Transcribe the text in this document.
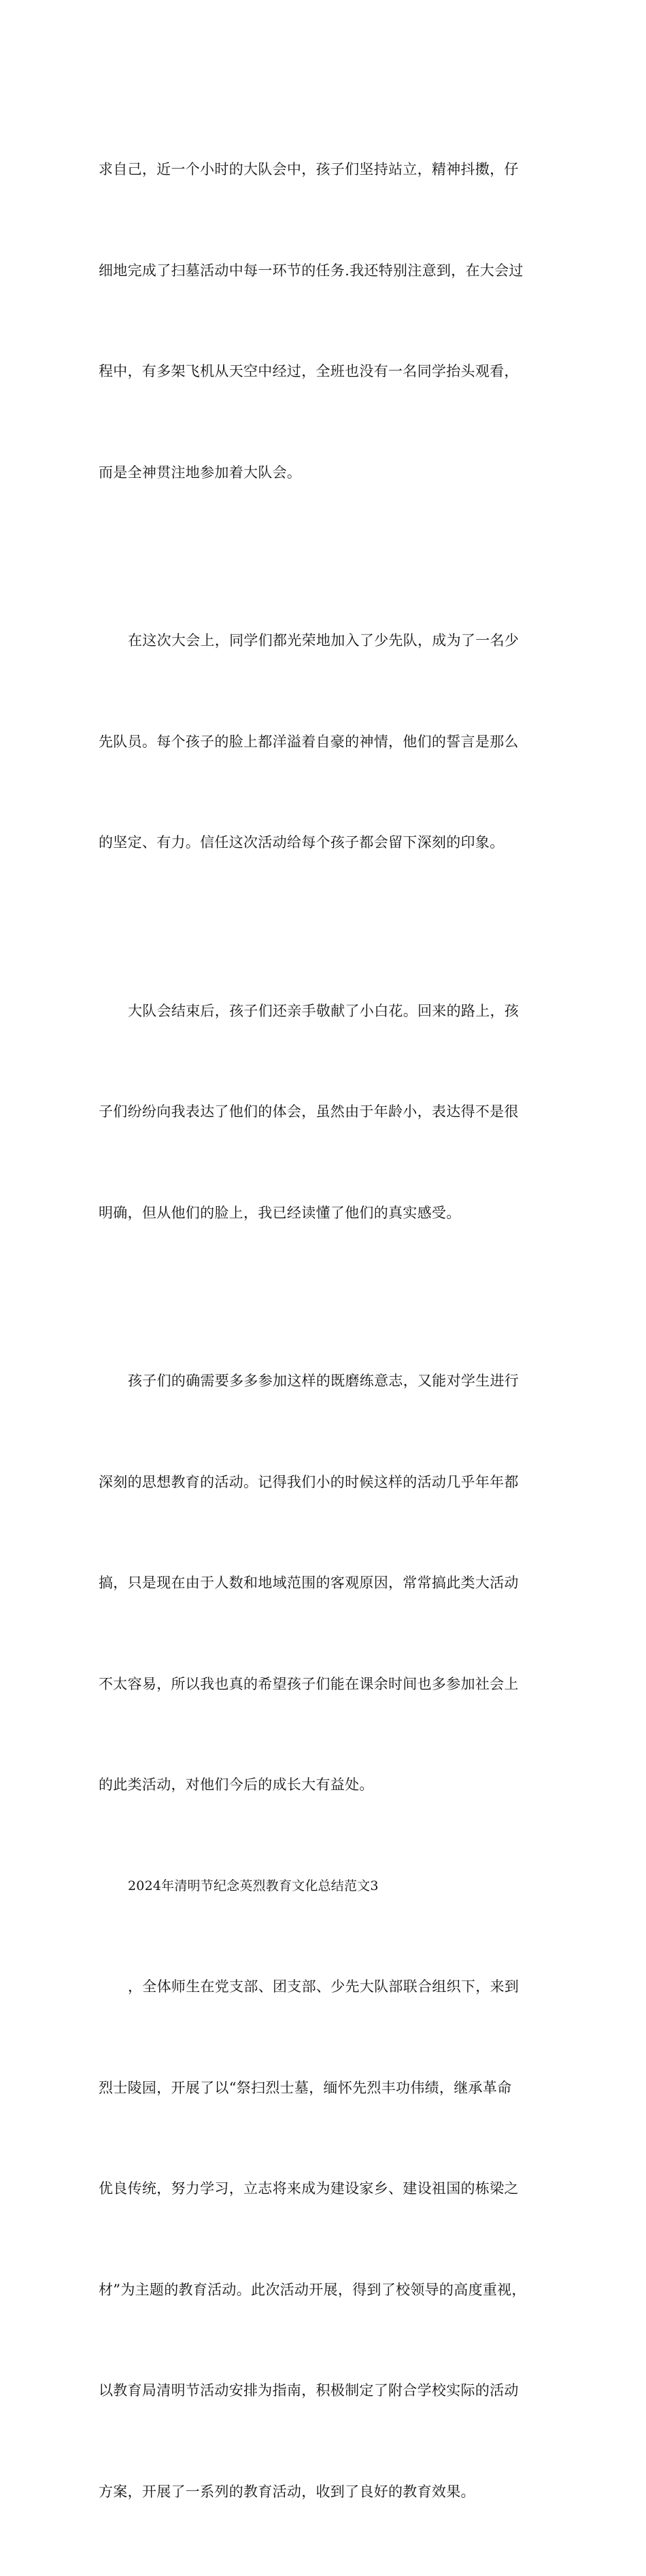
求自己，近一个小时的大队会中，孩子们坚持站立，精神抖擞，仔

细地完成了扫墓活动中每一环节的任务.我还特别注意到，在大会过

程中，有多架飞机从天空中经过，全班也没有一名同学抬头观看，

而是全神贯注地参加着大队会。

在这次大会上，同学们都光荣地加入了少先队，成为了一名少

先队员。每个孩子的脸上都洋溢着自豪的神情，他们的誓言是那么

的坚定、有力。信任这次活动给每个孩子都会留下深刻的印象。

大队会结束后，孩子们还亲手敬献了小白花。回来的路上，孩

子们纷纷向我表达了他们的体会，虽然由于年龄小，表达得不是很

明确，但从他们的脸上，我已经读懂了他们的真实感受。

孩子们的确需要多多参加这样的既磨练意志，又能对学生进行

深刻的思想教育的活动。记得我们小的时候这样的活动几乎年年都

搞，只是现在由于人数和地域范围的客观原因，常常搞此类大活动

不太容易，所以我也真的希望孩子们能在课余时间也多参加社会上

的此类活动，对他们今后的成长大有益处。

2024年清明节纪念英烈教育文化总结范文3

，全体师生在党支部、团支部、少先大队部联合组织下，来到

烈士陵园，开展了以“祭扫烈士墓，缅怀先烈丰功伟绩，继承革命

优良传统，努力学习，立志将来成为建设家乡、建设祖国的栋梁之

材”为主题的教育活动。此次活动开展，得到了校领导的高度重视，

以教育局清明节活动安排为指南，积极制定了附合学校实际的活动

方案，开展了一系列的教育活动，收到了良好的教育效果。
